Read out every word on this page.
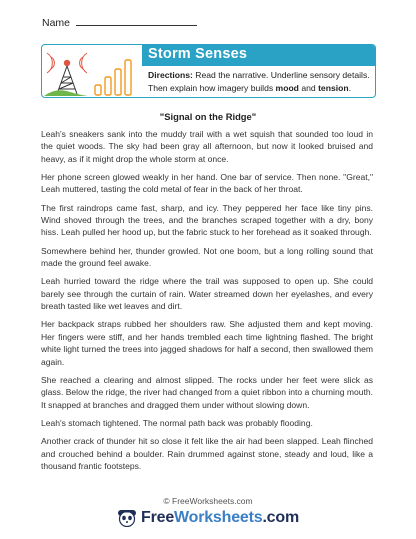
Name
Storm Senses
Directions: Read the narrative. Underline sensory details. Then explain how imagery builds mood and tension.
"Signal on the Ridge"

Leah's sneakers sank into the muddy trail with a wet squish that sounded too loud in the quiet woods. The sky had been gray all afternoon, but now it looked bruised and heavy, as if it might drop the whole storm at once.

Her phone screen glowed weakly in her hand. One bar of service. Then none. "Great," Leah muttered, tasting the cold metal of fear in the back of her throat.

The first raindrops came fast, sharp, and icy. They peppered her face like tiny pins. Wind shoved through the trees, and the branches scraped together with a dry, bony hiss. Leah pulled her hood up, but the fabric stuck to her forehead as it soaked through.

Somewhere behind her, thunder growled. Not one boom, but a long rolling sound that made the ground feel awake.

Leah hurried toward the ridge where the trail was supposed to open up. She could barely see through the curtain of rain. Water streamed down her eyelashes, and every breath tasted like wet leaves and dirt.

Her backpack straps rubbed her shoulders raw. She adjusted them and kept moving. Her fingers were stiff, and her hands trembled each time lightning flashed. The bright white light turned the trees into jagged shadows for half a second, then swallowed them again.

She reached a clearing and almost slipped. The rocks under her feet were slick as glass. Below the ridge, the river had changed from a quiet ribbon into a churning mouth. It snapped at branches and dragged them under without slowing down.

Leah's stomach tightened. The normal path back was probably flooding.

Another crack of thunder hit so close it felt like the air had been slapped. Leah flinched and crouched behind a boulder. Rain drummed against stone, steady and loud, like a thousand frantic footsteps.

© FreeWorksheets.com
FreeWorksheets.com
